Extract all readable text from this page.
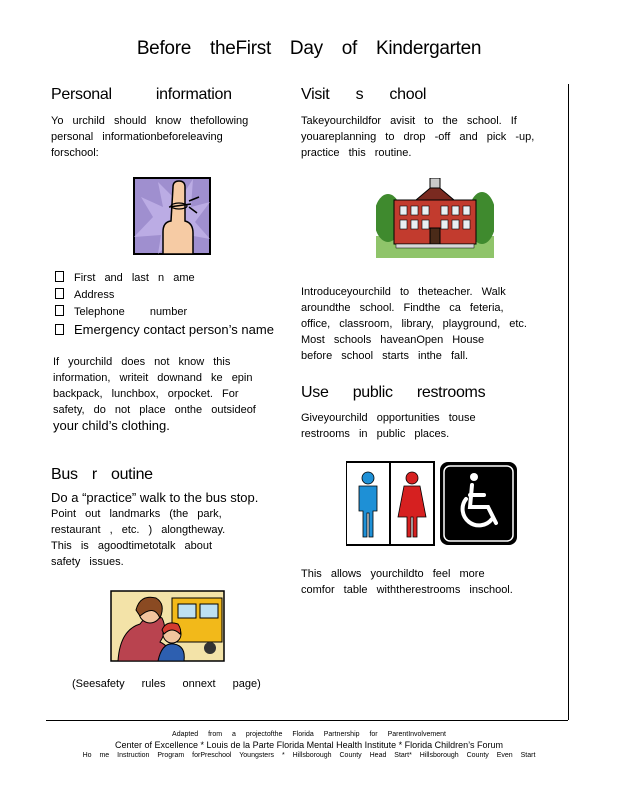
Before theFirst Day of Kindergarten
Personal information
Yo urchild should know thefollowing
personal informationbeforeleaving
forschool:
First and last n ame
Address
Telephone number
Emergency contact person’s name
If yourchild does not know this
information, writeit downand ke epin
backpack, lunchbox, orpocket. For
safety, do not place onthe outsideof
your child’s clothing.
Bus r outine
Do a “practice” walk to the bus stop.
Point out landmarks (the park,
restaurant , etc. ) alongtheway.
This is agoodtimetotalk about
safety issues.
(Seesafety rules onnext page)
Visit s chool
Takeyourchildfor avisit to the school. If
youareplanning to drop -off and pick -up,
practice this routine.
Introduceyourchild to theteacher. Walk
aroundthe school. Findthe ca feteria,
office, classroom, library, playground, etc.
Most schools haveanOpen House
before school starts inthe fall.
Use public restrooms
Giveyourchild opportunities touse
restrooms in public places.
This allows yourchildto feel more
comfor table withtherestrooms inschool.
Adapted from a projectofthe Florida Partnership for ParentInvolvement
Center of Excellence * Louis de la Parte Florida Mental Health Institute * Florida Children’s Forum
Ho me Instruction Program forPreschool Youngsters * Hillsborough County Head Start* Hillsborough County Even Start
